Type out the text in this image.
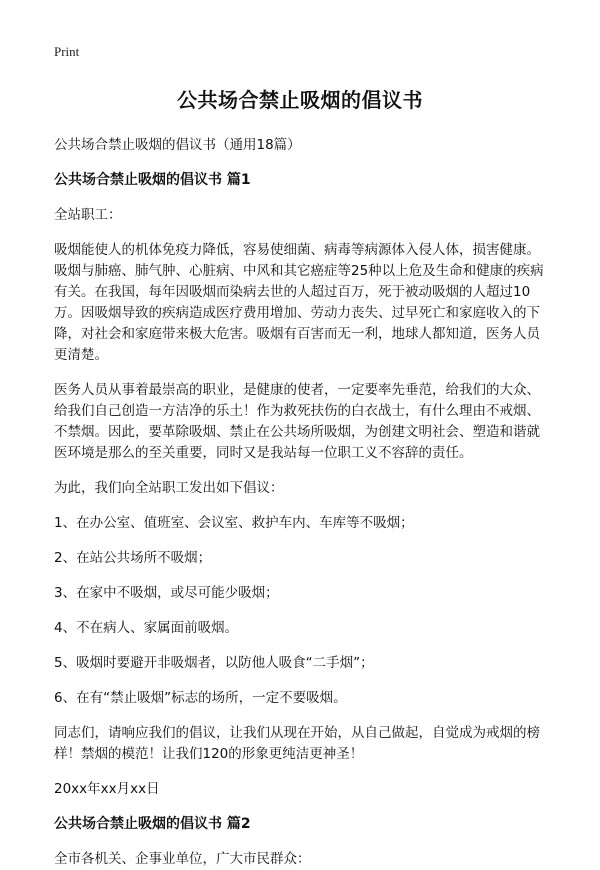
Print
公共场合禁止吸烟的倡议书
公共场合禁止吸烟的倡议书（通用18篇）
公共场合禁止吸烟的倡议书 篇1
全站职工：
吸烟能使人的机体免疫力降低，容易使细菌、病毒等病源体入侵人体，损害健康。吸烟与肺癌、肺气肿、心脏病、中风和其它癌症等25种以上危及生命和健康的疾病有关。在我国，每年因吸烟而染病去世的人超过百万，死于被动吸烟的人超过10万。因吸烟导致的疾病造成医疗费用增加、劳动力丧失、过早死亡和家庭收入的下降，对社会和家庭带来极大危害。吸烟有百害而无一利，地球人都知道，医务人员更清楚。
医务人员从事着最崇高的职业，是健康的使者，一定要率先垂范，给我们的大众、给我们自己创造一方洁净的乐土！作为救死扶伤的白衣战士，有什么理由不戒烟、不禁烟。因此，要革除吸烟、禁止在公共场所吸烟，为创建文明社会、塑造和谐就医环境是那么的至关重要，同时又是我站每一位职工义不容辞的责任。
为此，我们向全站职工发出如下倡议：
1、在办公室、值班室、会议室、救护车内、车库等不吸烟；
2、在站公共场所不吸烟；
3、在家中不吸烟，或尽可能少吸烟；
4、不在病人、家属面前吸烟。
5、吸烟时要避开非吸烟者，以防他人吸食“二手烟”；
6、在有“禁止吸烟”标志的场所，一定不要吸烟。
同志们，请响应我们的倡议，让我们从现在开始，从自己做起，自觉成为戒烟的榜样！禁烟的模范！让我们120的形象更纯洁更神圣！
20xx年xx月xx日
公共场合禁止吸烟的倡议书 篇2
全市各机关、企事业单位，广大市民群众：
